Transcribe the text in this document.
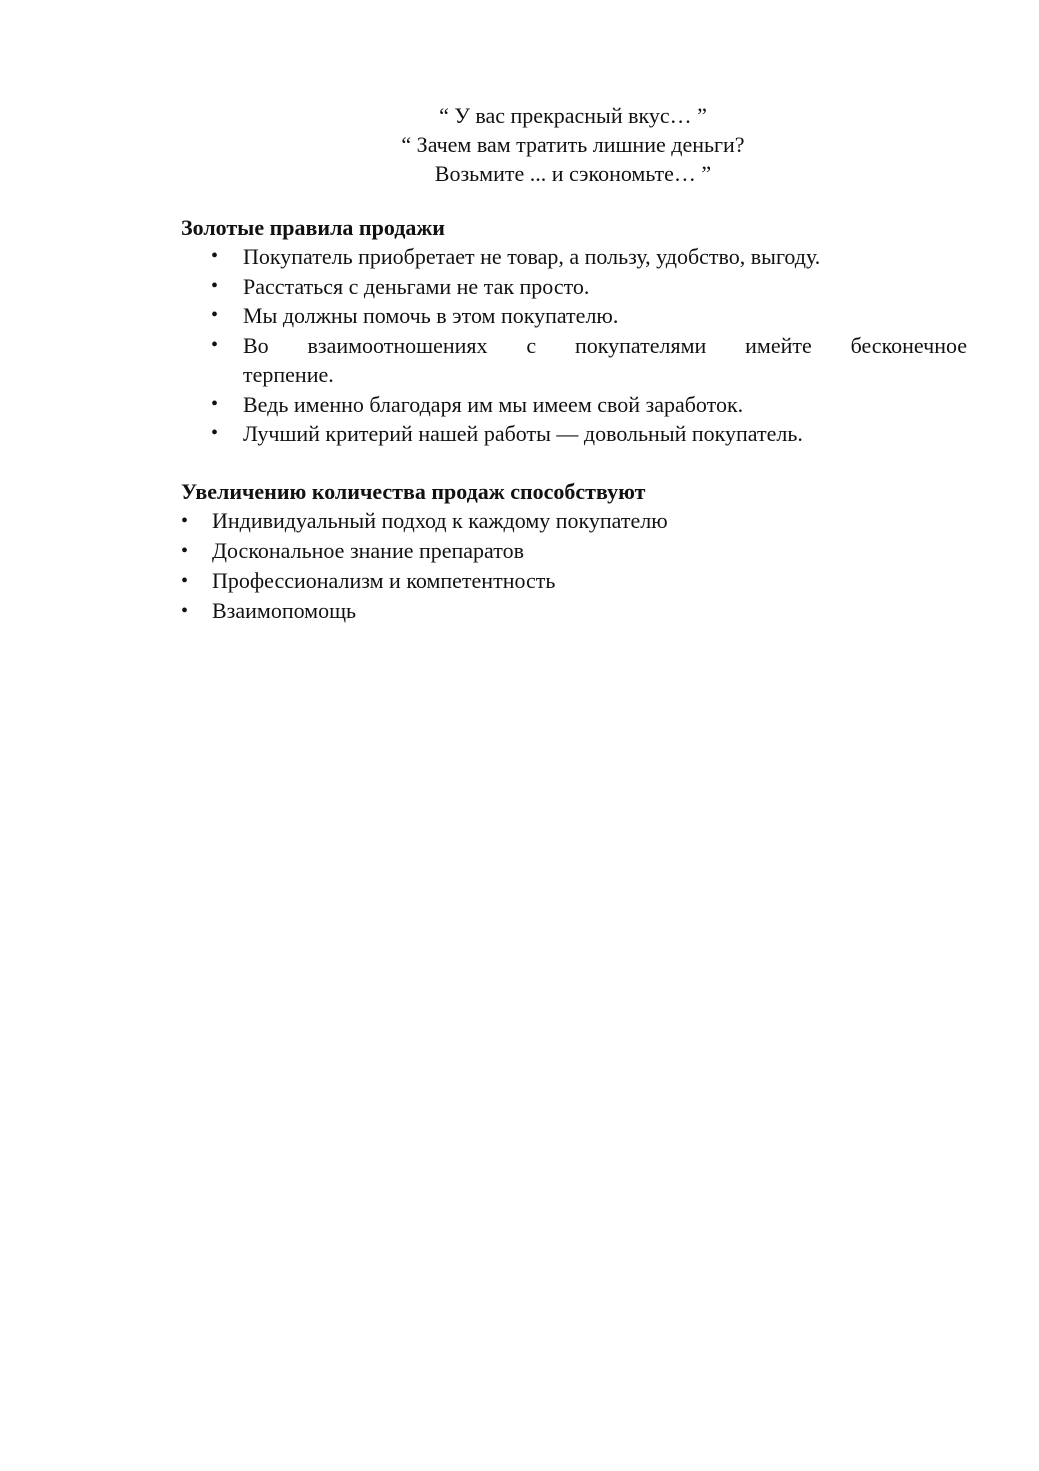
“ У вас прекрасный вкус… ”
“ Зачем вам тратить лишние деньги?
Возьмите ... и сэкономьте… ”
Золотые правила продажи
• Покупатель приобретает не товар, а пользу, удобство, выгоду.
• Расстаться с деньгами не так просто.
• Мы должны помочь в этом покупателю.
• Во взаимоотношениях с покупателями имейте бесконечное
терпение.
• Ведь именно благодаря им мы имеем свой заработок.
• Лучший критерий нашей работы — довольный покупатель.
Увеличению количества продаж способствуют
• Индивидуальный подход к каждому покупателю
• Доскональное знание препаратов
• Профессионализм и компетентность
• Взаимопомощь
